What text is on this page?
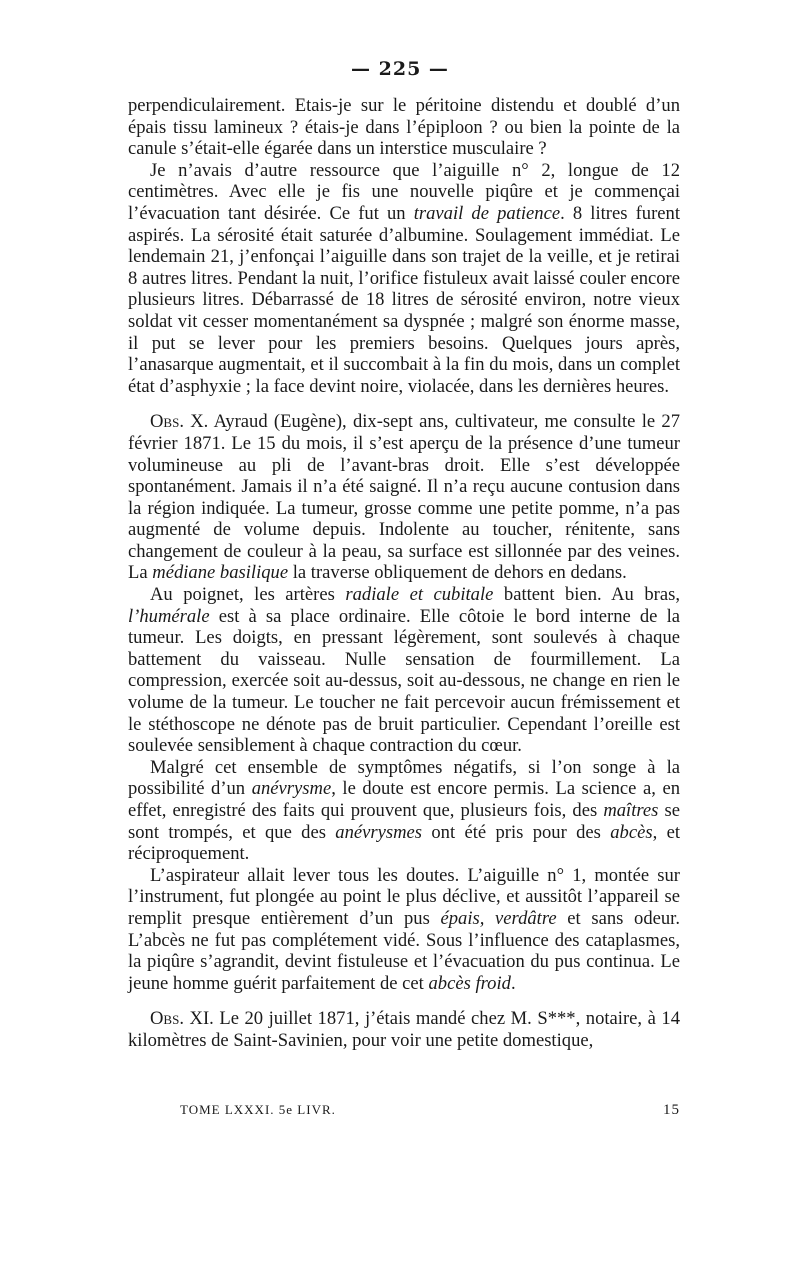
— 225 —

perpendiculairement. Etais-je sur le péritoine distendu et doublé d’un épais tissu lamineux ? étais-je dans l’épiploon ? ou bien la pointe de la canule s’était-elle égarée dans un interstice musculaire ?

Je n’avais d’autre ressource que l’aiguille n° 2, longue de 12 centimètres. Avec elle je fis une nouvelle piqûre et je commençai l’évacuation tant désirée. Ce fut un travail de patience. 8 litres furent aspirés. La sérosité était saturée d’albumine. Soulagement immédiat. Le lendemain 21, j’enfonçai l’aiguille dans son trajet de la veille, et je retirai 8 autres litres. Pendant la nuit, l’orifice fistuleux avait laissé couler encore plusieurs litres. Débarrassé de 18 litres de sérosité environ, notre vieux soldat vit cesser momentanément sa dyspnée ; malgré son énorme masse, il put se lever pour les premiers besoins. Quelques jours après, l’anasarque augmentait, et il succombait à la fin du mois, dans un complet état d’asphyxie ; la face devint noire, violacée, dans les dernières heures.

Obs. X. Ayraud (Eugène), dix-sept ans, cultivateur, me consulte le 27 février 1871. Le 15 du mois, il s’est aperçu de la présence d’une tumeur volumineuse au pli de l’avant-bras droit. Elle s’est développée spontanément. Jamais il n’a été saigné. Il n’a reçu aucune contusion dans la région indiquée. La tumeur, grosse comme une petite pomme, n’a pas augmenté de volume depuis. Indolente au toucher, rénitente, sans changement de couleur à la peau, sa surface est sillonnée par des veines. La médiane basilique la traverse obliquement de dehors en dedans.

Au poignet, les artères radiale et cubitale battent bien. Au bras, l’humérale est à sa place ordinaire. Elle côtoie le bord interne de la tumeur. Les doigts, en pressant légèrement, sont soulevés à chaque battement du vaisseau. Nulle sensation de fourmillement. La compression, exercée soit au-dessus, soit au-dessous, ne change en rien le volume de la tumeur. Le toucher ne fait percevoir aucun frémissement et le stéthoscope ne dénote pas de bruit particulier. Cependant l’oreille est soulevée sensiblement à chaque contraction du cœur.

Malgré cet ensemble de symptômes négatifs, si l’on songe à la possibilité d’un anévrysme, le doute est encore permis. La science a, en effet, enregistré des faits qui prouvent que, plusieurs fois, des maîtres se sont trompés, et que des anévrysmes ont été pris pour des abcès, et réciproquement.

L’aspirateur allait lever tous les doutes. L’aiguille n° 1, montée sur l’instrument, fut plongée au point le plus déclive, et aussitôt l’appareil se remplit presque entièrement d’un pus épais, verdâtre et sans odeur. L’abcès ne fut pas complétement vidé. Sous l’influence des cataplasmes, la piqûre s’agrandit, devint fistuleuse et l’évacuation du pus continua. Le jeune homme guérit parfaitement de cet abcès froid.

Obs. XI. Le 20 juillet 1871, j’étais mandé chez M. S***, notaire, à 14 kilomètres de Saint-Savinien, pour voir une petite domestique,

TOME LXXXI. 5e LIVR.	15
